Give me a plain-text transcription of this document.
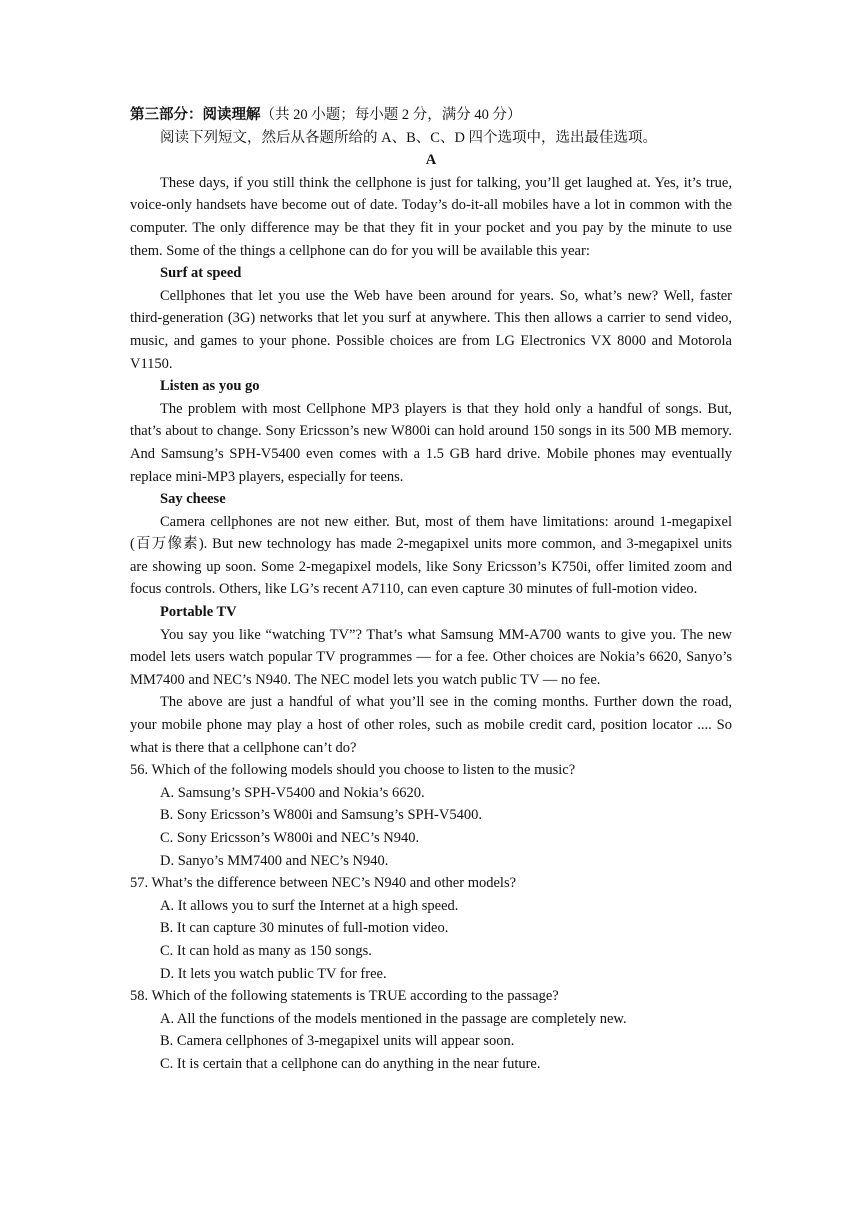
第三部分：阅读理解（共 20 小题；每小题 2 分，满分 40 分）
阅读下列短文，然后从各题所给的 A、B、C、D 四个选项中，选出最佳选项。
A
These days, if you still think the cellphone is just for talking, you’ll get laughed at. Yes, it’s true, voice-only handsets have become out of date. Today’s do-it-all mobiles have a lot in common with the computer. The only difference may be that they fit in your pocket and you pay by the minute to use them. Some of the things a cellphone can do for you will be available this year:
Surf at speed
Cellphones that let you use the Web have been around for years. So, what’s new? Well, faster third-generation (3G) networks that let you surf at anywhere. This then allows a carrier to send video, music, and games to your phone. Possible choices are from LG Electronics VX 8000 and Motorola V1150.
Listen as you go
The problem with most Cellphone MP3 players is that they hold only a handful of songs. But, that’s about to change. Sony Ericsson’s new W800i can hold around 150 songs in its 500 MB memory. And Samsung’s SPH-V5400 even comes with a 1.5 GB hard drive. Mobile phones may eventually replace mini-MP3 players, especially for teens.
Say cheese
Camera cellphones are not new either. But, most of them have limitations: around 1-megapixel (百万像素). But new technology has made 2-megapixel units more common, and 3-megapixel units are showing up soon. Some 2-megapixel models, like Sony Ericsson’s K750i, offer limited zoom and focus controls. Others, like LG’s recent A7110, can even capture 30 minutes of full-motion video.
Portable TV
You say you like “watching TV”? That’s what Samsung MM-A700 wants to give you. The new model lets users watch popular TV programmes — for a fee. Other choices are Nokia’s 6620, Sanyo’s MM7400 and NEC’s N940. The NEC model lets you watch public TV — no fee.
The above are just a handful of what you’ll see in the coming months. Further down the road, your mobile phone may play a host of other roles, such as mobile credit card, position locator .... So what is there that a cellphone can’t do?
56. Which of the following models should you choose to listen to the music?
A. Samsung’s SPH-V5400 and Nokia’s 6620.
B. Sony Ericsson’s W800i and Samsung’s SPH-V5400.
C. Sony Ericsson’s W800i and NEC’s N940.
D. Sanyo’s MM7400 and NEC’s N940.
57. What’s the difference between NEC’s N940 and other models?
A. It allows you to surf the Internet at a high speed.
B. It can capture 30 minutes of full-motion video.
C. It can hold as many as 150 songs.
D. It lets you watch public TV for free.
58. Which of the following statements is TRUE according to the passage?
A. All the functions of the models mentioned in the passage are completely new.
B. Camera cellphones of 3-megapixel units will appear soon.
C. It is certain that a cellphone can do anything in the near future.
